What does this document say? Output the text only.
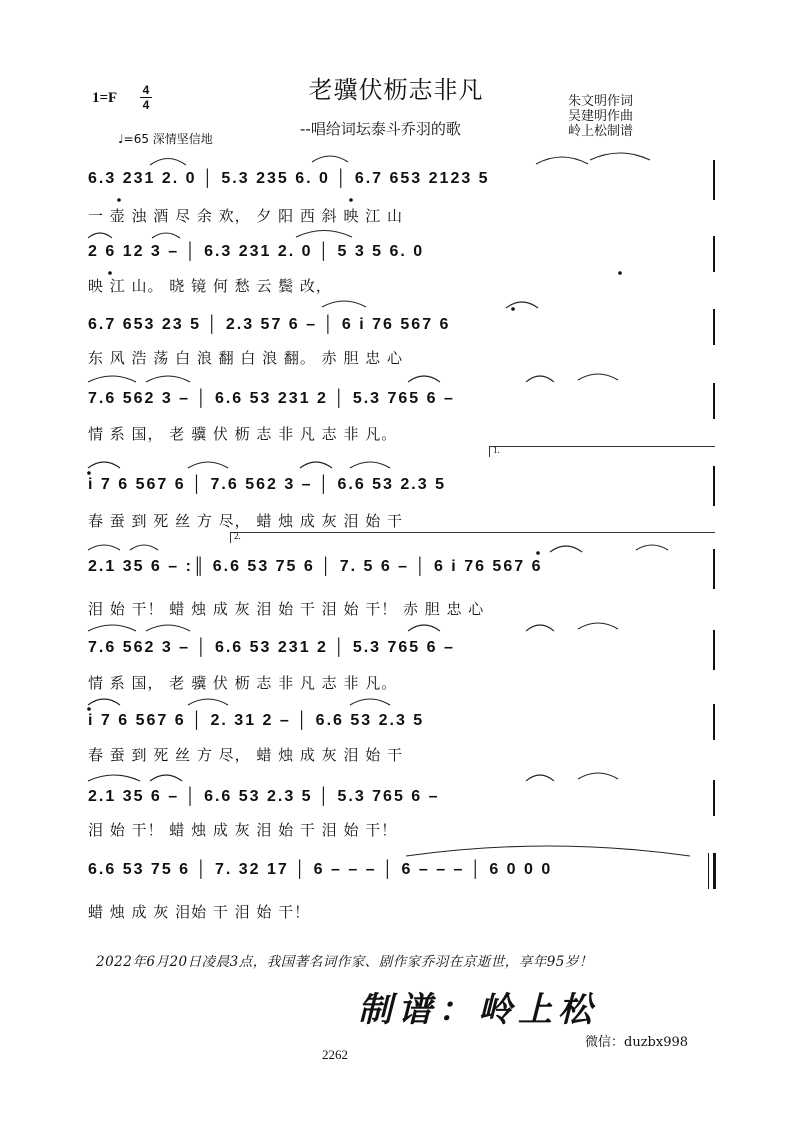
1=F 4
4
老骥伏枥志非凡
--唱给词坛泰斗乔羽的歌
♩=65 深情坚信地
朱文明作词
吴建明作曲
岭上松制谱
6.3 231 2. 0 │ 5.3 235 6. 0 │ 6.7 653 2123 5
一 壶 浊 酒 尽 余 欢， 夕 阳 西 斜 映 江 山
2 6 12 3 – │ 6.3 231 2. 0 │ 5 3 5 6. 0
映 江 山。 晓 镜 何 愁 云 鬓 改，
6.7 653 23 5 │ 2.3 57 6 – │ 6 i 76 567 6
东 风 浩 荡 白 浪 翻 白 浪 翻。 赤 胆 忠 心
7.6 562 3 – │ 6.6 53 231 2 │ 5.3 765 6 –
情 系 国， 老 骥 伏 枥 志 非 凡 志 非 凡。
i 7 6 567 6 │ 7.6 562 3 – │ 6.6 53 2.3 5
春 蚕 到 死 丝 方 尽， 蜡 烛 成 灰 泪 始 干
2.1 35 6 – :║ 6.6 53 75 6 │ 7. 5 6 – │ 6 i 76 567 6
泪 始 干！ 蜡 烛 成 灰 泪 始 干 泪 始 干！ 赤 胆 忠 心
7.6 562 3 – │ 6.6 53 231 2 │ 5.3 765 6 –
情 系 国， 老 骥 伏 枥 志 非 凡 志 非 凡。
i 7 6 567 6 │ 2. 31 2 – │ 6.6 53 2.3 5
春 蚕 到 死 丝 方 尽， 蜡 烛 成 灰 泪 始 干
2.1 35 6 – │ 6.6 53 2.3 5 │ 5.3 765 6 –
泪 始 干！ 蜡 烛 成 灰 泪 始 干 泪 始 干！
6.6 53 75 6 │ 7. 32 17 │ 6 – – – │ 6 – – – │ 6 0 0 0
蜡 烛 成 灰 泪始 干 泪 始 干！
1.
2.
2022年6月20日凌晨3点，我国著名词作家、剧作家乔羽在京逝世，享年95岁！
制谱：岭上松
微信：duzbx998
2262
